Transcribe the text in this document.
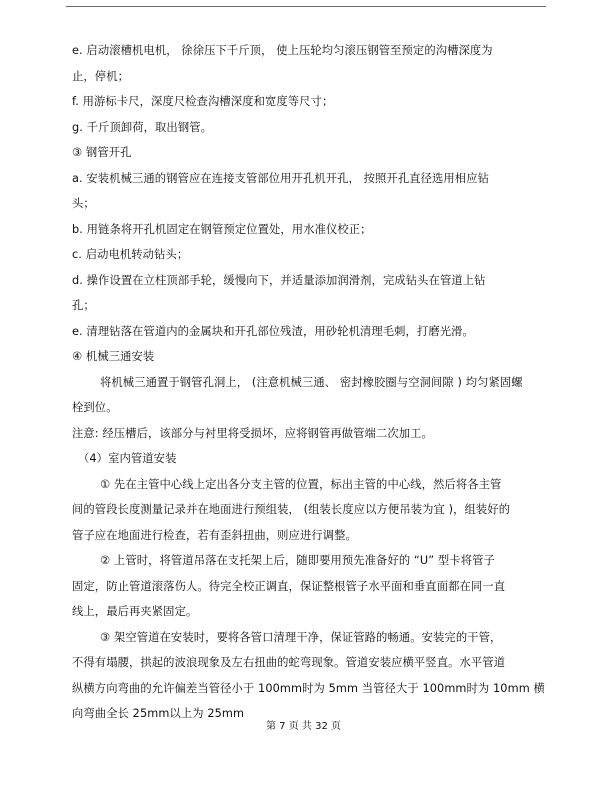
e. 启动滚槽机电机， 徐徐压下千斤顶， 使上压轮均匀滚压钢管至预定的沟槽深度为
止，停机；
f. 用游标卡尺，深度尺检查沟槽深度和宽度等尺寸；
g. 千斤顶卸荷，取出钢管。
③ 钢管开孔
a. 安装机械三通的钢管应在连接支管部位用开孔机开孔， 按照开孔直径选用相应钻
头；
b. 用链条将开孔机固定在钢管预定位置处，用水准仪校正；
c. 启动电机转动钻头；
d. 操作设置在立柱顶部手轮，缓慢向下，并适量添加润滑剂，完成钻头在管道上钻
孔；
e. 清理钻落在管道内的金属块和开孔部位残渣，用砂轮机清理毛刺，打磨光滑。
④ 机械三通安装
将机械三通置于钢管孔洞上， (注意机械三通、 密封橡胶圈与空洞间隙 ) 均匀紧固螺
栓到位。
注意: 经压槽后，该部分与衬里将受损坏，应将钢管再做管端二次加工。
（4）室内管道安装
① 先在主管中心线上定出各分支主管的位置，标出主管的中心线，然后将各主管
间的管段长度测量记录并在地面进行预组装， (组装长度应以方便吊装为宜 )，组装好的
管子应在地面进行检查，若有歪斜扭曲，则应进行调整。
② 上管时，将管道吊落在支托架上后，随即要用预先准备好的 “U” 型卡将管子
固定，防止管道滚落伤人。待完全校正调直，保证整根管子水平面和垂直面都在同一直
线上，最后再夹紧固定。
③ 架空管道在安装时，要将各管口清理干净，保证管路的畅通。安装完的干管，
不得有塌腰，拱起的波浪现象及左右扭曲的蛇弯现象。管道安装应横平竖直。水平管道
纵横方向弯曲的允许偏差当管径小于 100mm时为 5mm 当管径大于 100mm时为 10mm 横
向弯曲全长 25mm以上为 25mm
第 7 页 共 32 页
